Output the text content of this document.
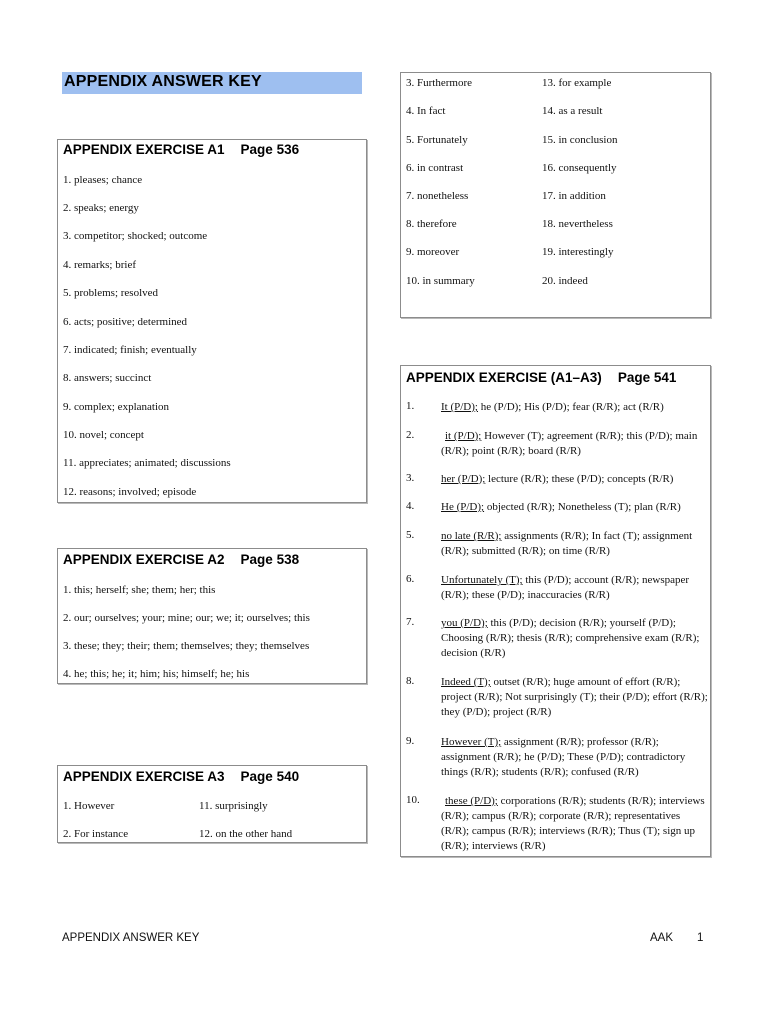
APPENDIX ANSWER KEY
APPENDIX EXERCISE A1 Page 536
1. pleases; chance
2. speaks; energy
3. competitor; shocked; outcome
4. remarks; brief
5. problems; resolved
6. acts; positive; determined
7. indicated; finish; eventually
8. answers; succinct
9. complex; explanation
10. novel; concept
11. appreciates; animated; discussions
12. reasons; involved; episode
APPENDIX EXERCISE A2 Page 538
1. this; herself; she; them; her; this
2. our; ourselves; your; mine; our; we; it; ourselves; this
3. these; they; their; them; themselves; they; themselves
4. he; this; he; it; him; his; himself; he; his
APPENDIX EXERCISE A3 Page 540
1. However	11. surprisingly
2. For instance	12. on the other hand
3. Furthermore	13. for example
4. In fact	14. as a result
5. Fortunately	15. in conclusion
6. in contrast	16. consequently
7. nonetheless	17. in addition
8. therefore	18. nevertheless
9. moreover	19. interestingly
10. in summary	20. indeed
APPENDIX EXERCISE (A1–A3) Page 541
1. It (P/D); he (P/D); His (P/D); fear (R/R); act (R/R)
2.	it (P/D); However (T); agreement (R/R); this (P/D); main (R/R); point (R/R); board (R/R)
3. her (P/D); lecture (R/R); these (P/D); concepts (R/R)
4. He (P/D); objected (R/R); Nonetheless (T); plan (R/R)
5. no late (R/R); assignments (R/R); In fact (T); assignment (R/R); submitted (R/R); on time (R/R)
6. Unfortunately (T); this (P/D); account (R/R); newspaper (R/R); these (P/D); inaccuracies (R/R)
7. you (P/D); this (P/D); decision (R/R); yourself (P/D); Choosing (R/R); thesis (R/R); comprehensive exam (R/R); decision (R/R)
8. Indeed (T); outset (R/R); huge amount of effort (R/R); project (R/R); Not surprisingly (T); their (P/D); effort (R/R); they (P/D); project (R/R)
9. However (T); assignment (R/R); professor (R/R); assignment (R/R); he (P/D); These (P/D); contradictory things (R/R); students (R/R); confused (R/R)
10.	these (P/D); corporations (R/R); students (R/R); interviews (R/R); campus (R/R); corporate (R/R); representatives (R/R); campus (R/R); interviews (R/R); Thus (T); sign up (R/R); interviews (R/R)
APPENDIX ANSWER KEY	AAK 1
